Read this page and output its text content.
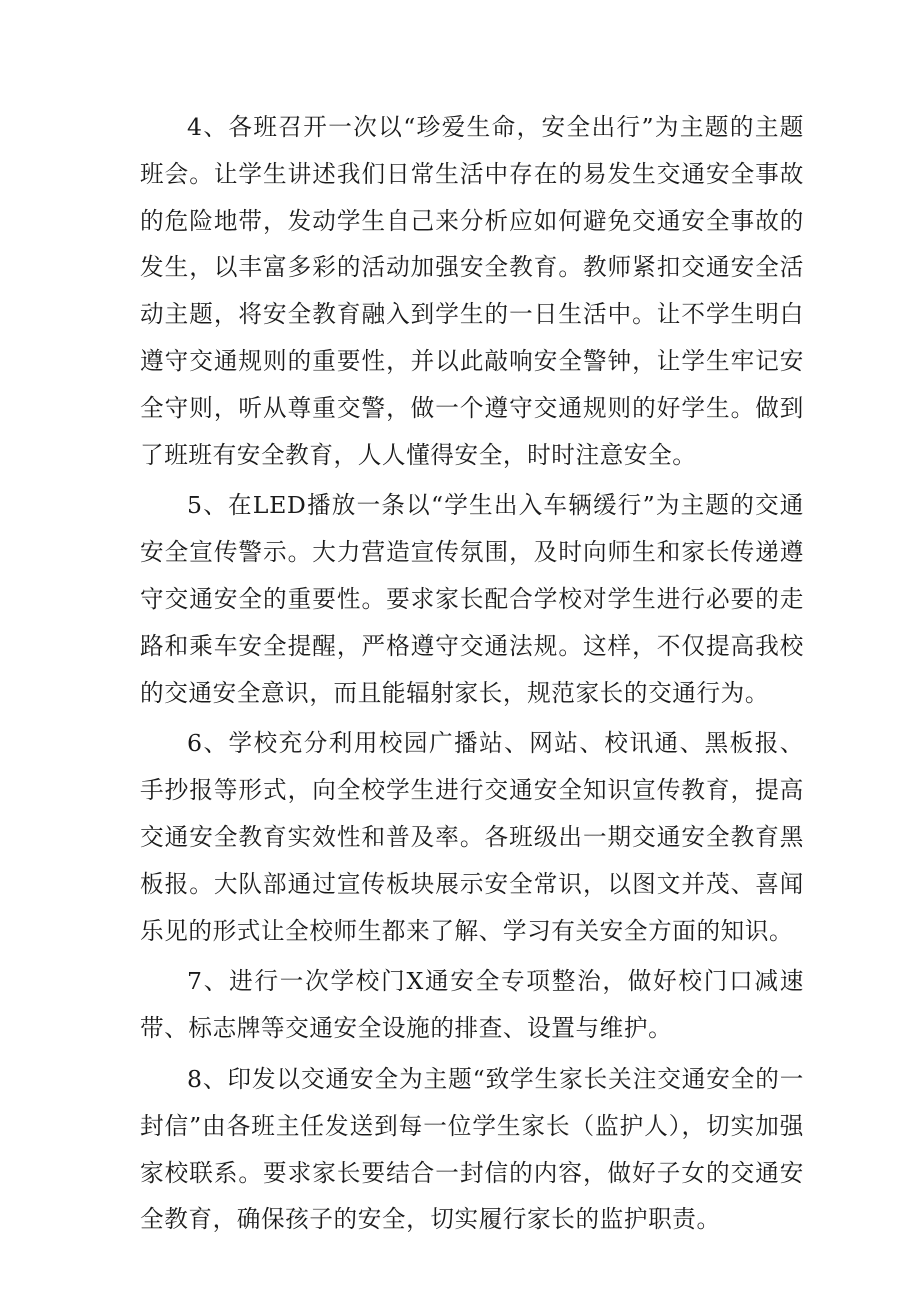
4、各班召开一次以“珍爱生命，安全出行”为主题的主题班会。让学生讲述我们日常生活中存在的易发生交通安全事故的危险地带，发动学生自己来分析应如何避免交通安全事故的发生，以丰富多彩的活动加强安全教育。教师紧扣交通安全活动主题，将安全教育融入到学生的一日生活中。让不学生明白遵守交通规则的重要性，并以此敲响安全警钟，让学生牢记安全守则，听从尊重交警，做一个遵守交通规则的好学生。做到了班班有安全教育，人人懂得安全，时时注意安全。

5、在LED播放一条以“学生出入车辆缓行”为主题的交通安全宣传警示。大力营造宣传氛围，及时向师生和家长传递遵守交通安全的重要性。要求家长配合学校对学生进行必要的走路和乘车安全提醒，严格遵守交通法规。这样，不仅提高我校的交通安全意识，而且能辐射家长，规范家长的交通行为。

6、学校充分利用校园广播站、网站、校讯通、黑板报、手抄报等形式，向全校学生进行交通安全知识宣传教育，提高交通安全教育实效性和普及率。各班级出一期交通安全教育黑板报。大队部通过宣传板块展示安全常识，以图文并茂、喜闻乐见的形式让全校师生都来了解、学习有关安全方面的知识。

7、进行一次学校门X通安全专项整治，做好校门口减速带、标志牌等交通安全设施的排查、设置与维护。

8、印发以交通安全为主题“致学生家长关注交通安全的一封信”由各班主任发送到每一位学生家长（监护人），切实加强家校联系。要求家长要结合一封信的内容，做好子女的交通安全教育，确保孩子的安全，切实履行家长的监护职责。
